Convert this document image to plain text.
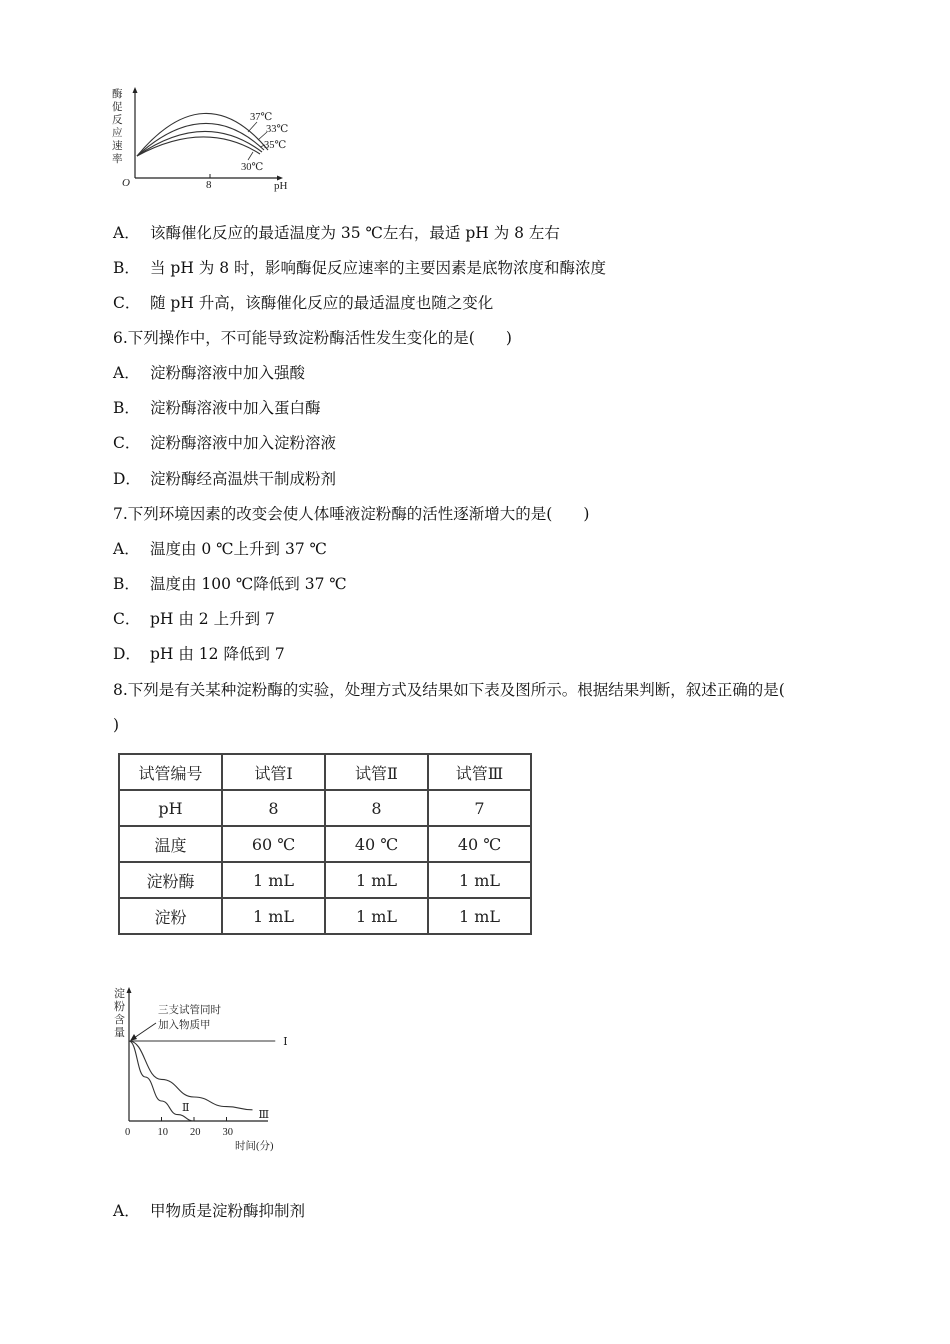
酶
促
反
应
速
率
O	8	pH
37℃
33℃
35℃
30℃
A． 该酶催化反应的最适温度为 35 ℃左右，最适 pH 为 8 左右
B． 当 pH 为 8 时，影响酶促反应速率的主要因素是底物浓度和酶浓度
C． 随 pH 升高，该酶催化反应的最适温度也随之变化
6.下列操作中，不可能导致淀粉酶活性发生变化的是(　　)
A． 淀粉酶溶液中加入强酸
B． 淀粉酶溶液中加入蛋白酶
C． 淀粉酶溶液中加入淀粉溶液
D． 淀粉酶经高温烘干制成粉剂
7.下列环境因素的改变会使人体唾液淀粉酶的活性逐渐增大的是(　　)
A． 温度由 0 ℃上升到 37 ℃
B． 温度由 100 ℃降低到 37 ℃
C． pH 由 2 上升到 7
D． pH 由 12 降低到 7
8.下列是有关某种淀粉酶的实验，处理方式及结果如下表及图所示。根据结果判断，叙述正确的是(
)
试管编号	试管Ⅰ	试管Ⅱ	试管Ⅲ
pH	8	8	7
温度	60 ℃	40 ℃	40 ℃
淀粉酶	1 mL	1 mL	1 mL
淀粉	1 mL	1 mL	1 mL
淀
粉
含
量
三支试管同时
加入物质甲
0	10 20 30
时间(分)
Ⅰ
Ⅱ
Ⅲ
A． 甲物质是淀粉酶抑制剂
